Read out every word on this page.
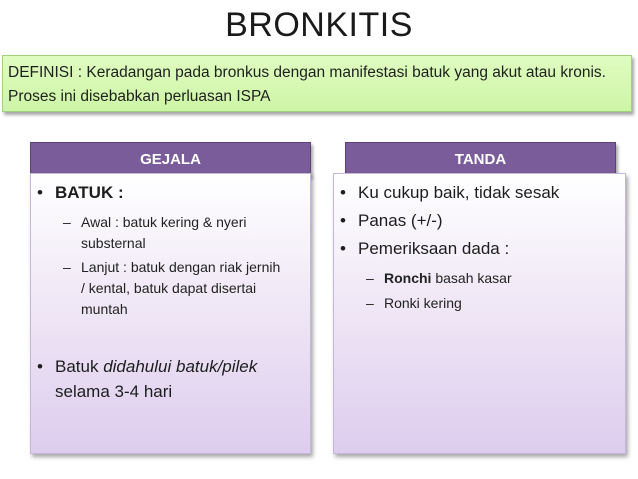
BRONKITIS
DEFINISI : Keradangan pada bronkus dengan manifestasi batuk yang akut atau kronis. Proses ini disebabkan perluasan ISPA
GEJALA
• BATUK :
– Awal : batuk kering & nyeri substernal
– Lanjut : batuk dengan riak jernih / kental, batuk dapat disertai muntah
• Batuk didahului batuk/pilek selama 3-4 hari
TANDA
• Ku cukup baik, tidak sesak
• Panas (+/-)
• Pemeriksaan dada :
– Ronchi basah kasar
– Ronki kering
